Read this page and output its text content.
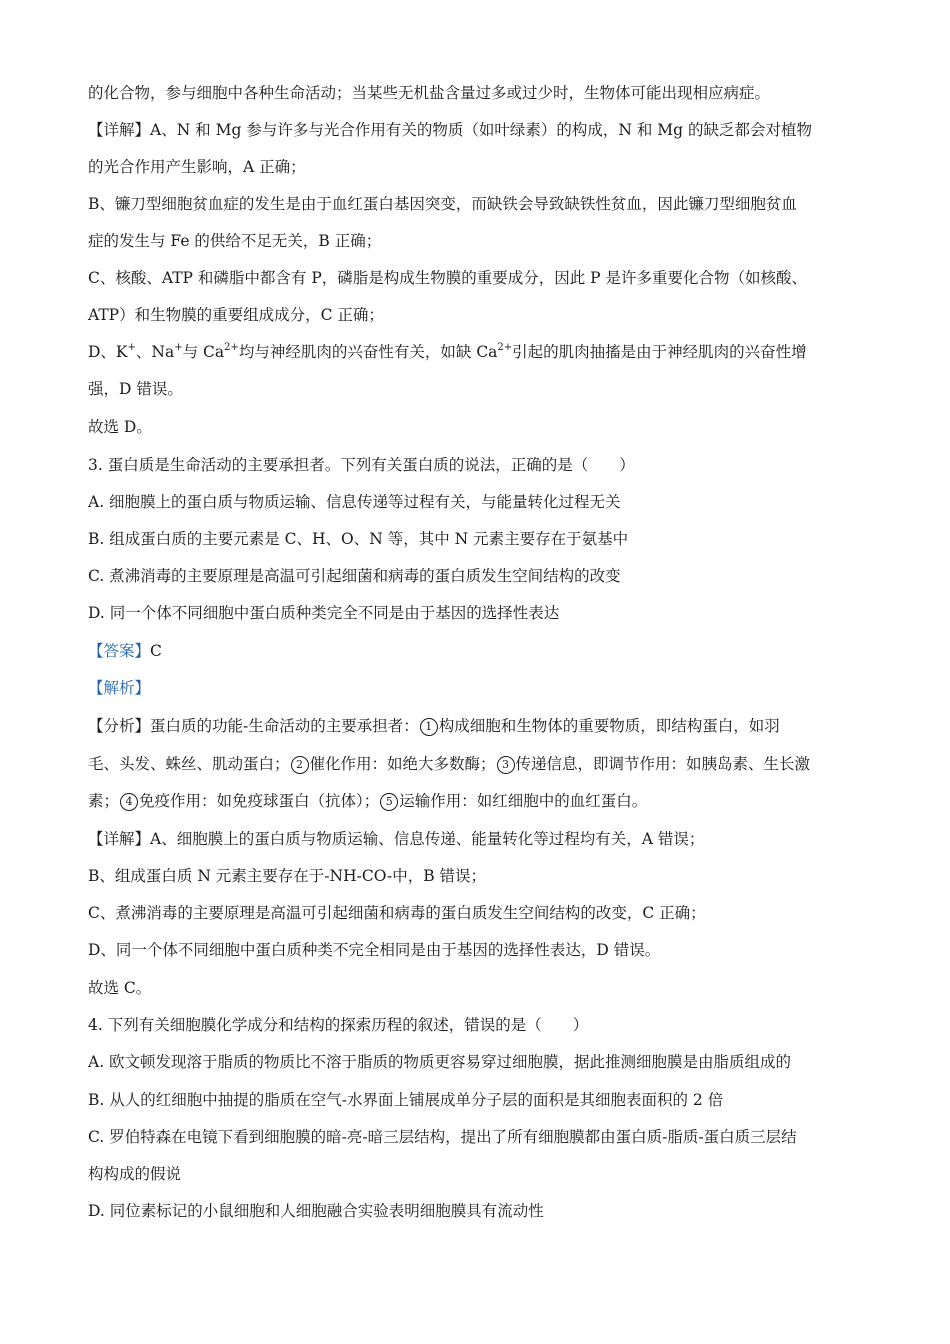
的化合物，参与细胞中各种生命活动；当某些无机盐含量过多或过少时，生物体可能出现相应病症。
【详解】A、N 和 Mg 参与许多与光合作用有关的物质（如叶绿素）的构成，N 和 Mg 的缺乏都会对植物
的光合作用产生影响，A 正确；
B、镰刀型细胞贫血症的发生是由于血红蛋白基因突变，而缺铁会导致缺铁性贫血，因此镰刀型细胞贫血
症的发生与 Fe 的供给不足无关，B 正确；
C、核酸、ATP 和磷脂中都含有 P，磷脂是构成生物膜的重要成分，因此 P 是许多重要化合物（如核酸、
ATP）和生物膜的重要组成成分，C 正确；
D、K+、Na+与 $Ca^{2+}$均与神经肌肉的兴奋性有关，如缺 $Ca^{2+}$引起的肌肉抽搐是由于神经肌肉的兴奋性增
强，D 错误。
故选 D。
3. 蛋白质是生命活动的主要承担者。下列有关蛋白质的说法，正确的是（　　）
A. 细胞膜上的蛋白质与物质运输、信息传递等过程有关，与能量转化过程无关
B. 组成蛋白质的主要元素是 C、H、O、N 等，其中 N 元素主要存在于氨基中
C. 煮沸消毒的主要原理是高温可引起细菌和病毒的蛋白质发生空间结构的改变
D. 同一个体不同细胞中蛋白质种类完全不同是由于基因的选择性表达
【答案】C
【解析】
【分析】蛋白质的功能-生命活动的主要承担者： 1 构成细胞和生物体的重要物质，即结构蛋白，如羽
毛、头发、蛛丝、肌动蛋白； 2 催化作用：如绝大多数酶； 3 传递信息，即调节作用：如胰岛素、生长激
素； 4 免疫作用：如免疫球蛋白（抗体）； 5 运输作用：如红细胞中的血红蛋白。
【详解】A、细胞膜上的蛋白质与物质运输、信息传递、能量转化等过程均有关，A 错误；
B、组成蛋白质 N 元素主要存在于-NH-CO-中，B 错误；
C、煮沸消毒的主要原理是高温可引起细菌和病毒的蛋白质发生空间结构的改变，C 正确；
D、同一个体不同细胞中蛋白质种类不完全相同是由于基因的选择性表达，D 错误。
故选 C。
4. 下列有关细胞膜化学成分和结构的探索历程的叙述，错误的是（　　）
A. 欧文顿发现溶于脂质的物质比不溶于脂质的物质更容易穿过细胞膜，据此推测细胞膜是由脂质组成的
B. 从人的红细胞中抽提的脂质在空气-水界面上铺展成单分子层的面积是其细胞表面积的 2 倍
C. 罗伯特森在电镜下看到细胞膜的暗-亮-暗三层结构，提出了所有细胞膜都由蛋白质-脂质-蛋白质三层结
构构成的假说
D. 同位素标记的小鼠细胞和人细胞融合实验表明细胞膜具有流动性
